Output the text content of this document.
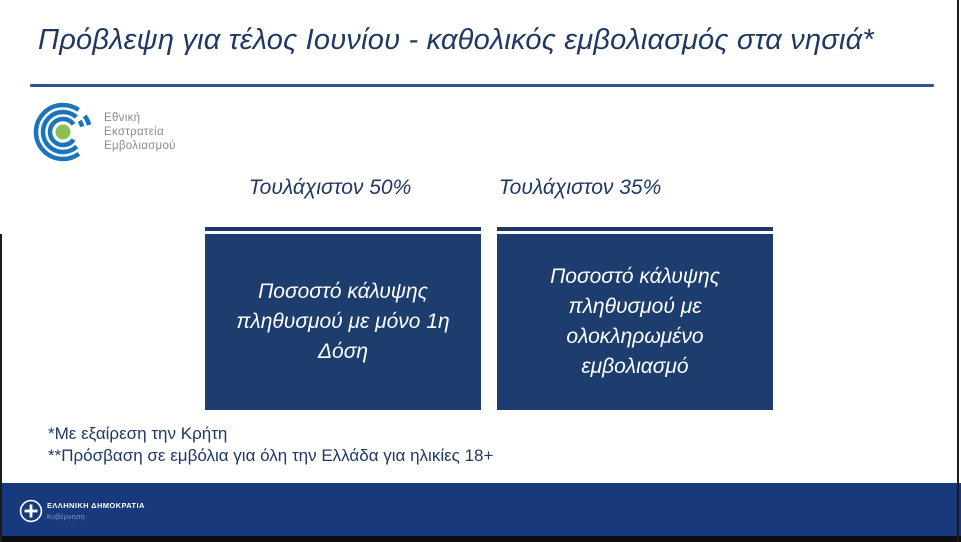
Πρόβλεψη για τέλος Ιουνίου - καθολικός εμβολιασμός στα νησιά*
Εθνική
Εκστρατεία
Εμβολιασμού
Τουλάχιστον 50%	Τουλάχιστον 35%
Ποσοστό κάλυψης πληθυσμού με μόνο 1η Δόση
Ποσοστό κάλυψης πληθυσμού με ολοκληρωμένο εμβολιασμό
*Με εξαίρεση την Κρήτη
**Πρόσβαση σε εμβόλια για όλη την Ελλάδα για ηλικίες 18+
ΕΛΛΗΝΙΚΗ ΔΗΜΟΚΡΑΤΙΑ
Κυβέρνηση
